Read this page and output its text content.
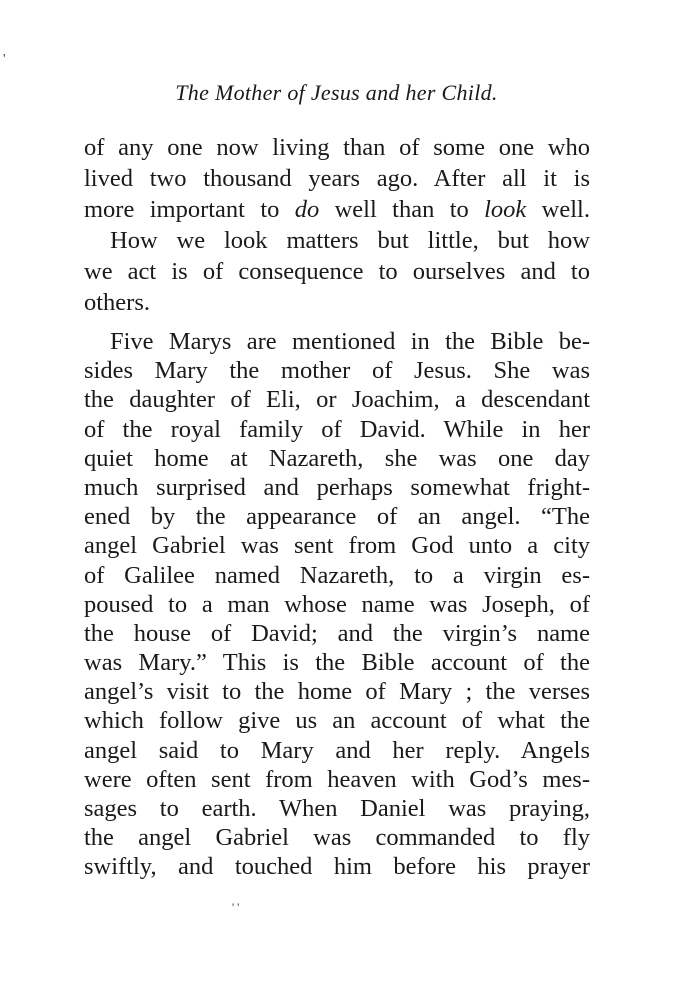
'
The Mother of Jesus and her Child.
of any one now living than of some one who
lived two thousand years ago. After all it is
more important to do well than to look well.
How we look matters but little, but how
we act is of consequence to ourselves and to
others.
Five Marys are mentioned in the Bible be-
sides Mary the mother of Jesus. She was
the daughter of Eli, or Joachim, a descendant
of the royal family of David. While in her
quiet home at Nazareth, she was one day
much surprised and perhaps somewhat fright-
ened by the appearance of an angel. “The
angel Gabriel was sent from God unto a city
of Galilee named Nazareth, to a virgin es-
poused to a man whose name was Joseph, of
the house of David; and the virgin’s name
was Mary.” This is the Bible account of the
angel’s visit to the home of Mary ; the verses
which follow give us an account of what the
angel said to Mary and her reply. Angels
were often sent from heaven with God’s mes-
sages to earth. When Daniel was praying,
the angel Gabriel was commanded to fly
swiftly, and touched him before his prayer
' '
